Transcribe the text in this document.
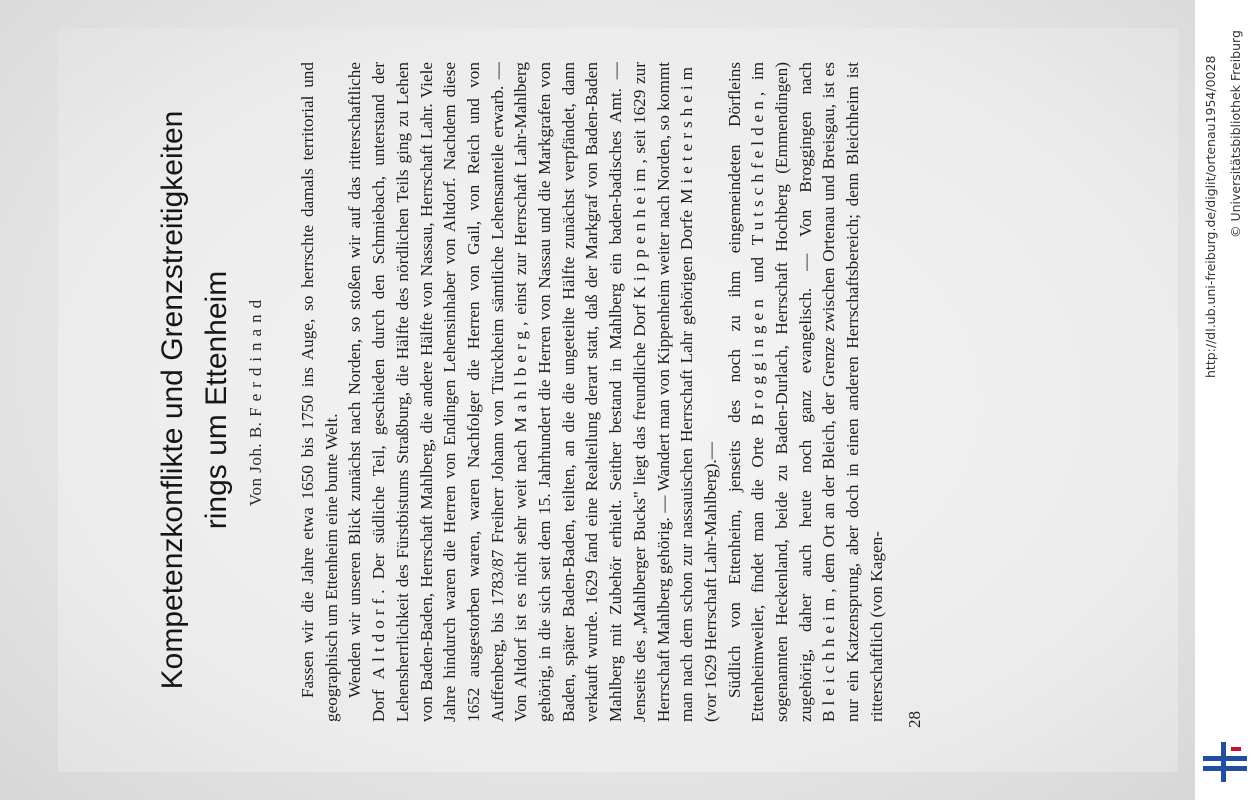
Kompetenzkonflikte und Grenzstreitigkeiten rings um Ettenheim Von Joh. B. Ferdinand Fassen wir die Jahre etwa 1650 bis 1750 ins Auge, so herrschte damals territorial und geographisch um Ettenheim eine bunte Welt. Wenden wir unseren Blick zunächst nach Norden, so stoßen wir auf das ritterschaftliche Dorf Altdorf. Der südliche Teil, geschieden durch den Schmiebach, unterstand der Lehensherrlichkeit des Fürstbistums Straßburg, die Hälfte des nördlichen Teils ging zu Lehen von Baden-Baden, Herrschaft Mahlberg, die andere Hälfte von Nassau, Herrschaft Lahr. Viele Jahre hindurch waren die Herren von Endingen Lehensinhaber von Altdorf. Nachdem diese 1652 ausgestorben waren, waren Nachfolger die Herren von Gail, von Reich und von Auffenberg, bis 1783/87 Freiherr Johann von Türckheim sämtliche Lehensanteile erwarb. — Von Altdorf ist es nicht sehr weit nach Mahlberg, einst zur Herrschaft Lahr-Mahlberg gehörig, in die sich seit dem 15. Jahrhundert die Herren von Nassau und die Markgrafen von Baden, später Baden-Baden, teilten, an die die ungeteilte Hälfte zunächst verpfändet, dann verkauft wurde. 1629 fand eine Realteilung derart statt, daß der Markgraf von Baden-Baden Mahlberg mit Zubehör erhielt. Seither bestand in Mahlberg ein baden-badisches Amt. — Jenseits des „Mahlberger Bucks" liegt das freundliche Dorf Kippenheim, seit 1629 zur Herrschaft Mahlberg gehörig. — Wandert man von Kippenheim weiter nach Norden, so kommt man nach dem schon zur nassauischen Herrschaft Lahr gehörigen Dorfe Mietersheim (vor 1629 Herrschaft Lahr-Mahlberg).— Südlich von Ettenheim, jenseits des noch zu ihm eingemeindeten Dörfleins Ettenheimweiler, findet man die Orte Broggingen und Tutschfelden, im sogenannten Heckenland, beide zu Baden-Durlach, Herrschaft Hochberg (Emmendingen) zugehörig, daher auch heute noch ganz evangelisch. — Von Broggingen nach Bleichheim, dem Ort an der Bleich, der Grenze zwischen Ortenau und Breisgau, ist es nur ein Katzensprung, aber doch in einen anderen Herrschaftsbereich; denn Bleichheim ist ritterschaftlich (von Kagen- 28
http://dl.ub.uni-freiburg.de/diglit/ortenau1954/0028 © Universitätsbibliothek Freiburg
